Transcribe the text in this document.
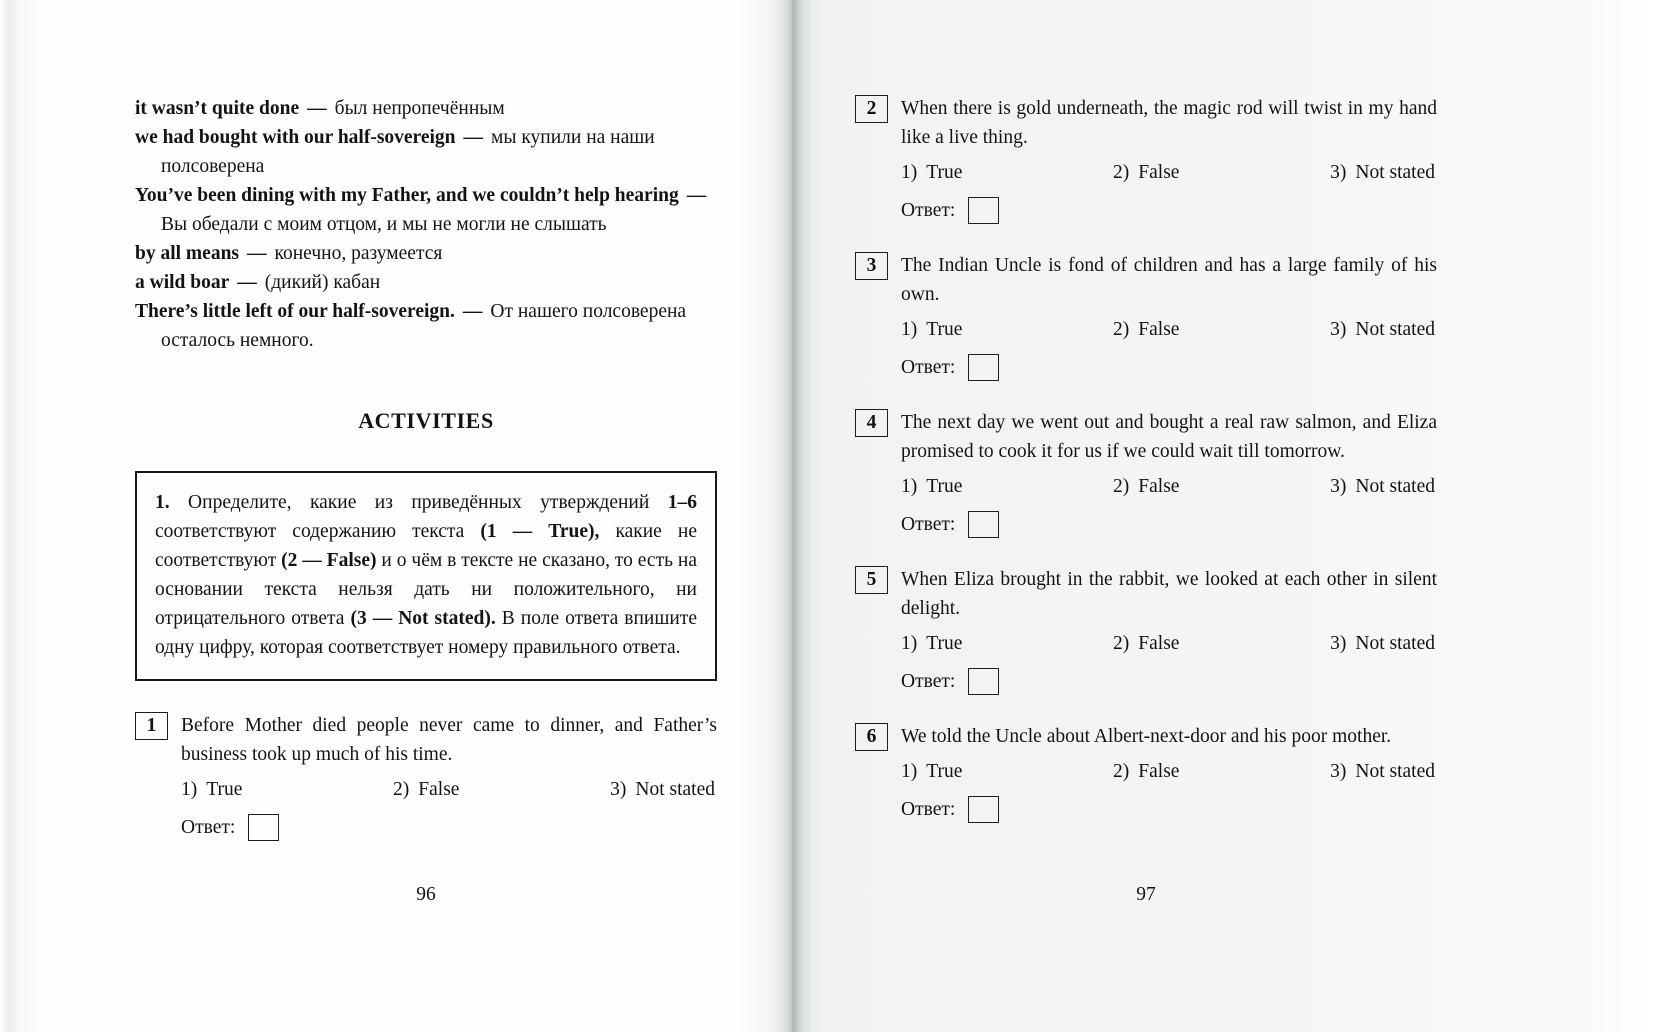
it wasn’t quite done — был непропечённым

we had bought with our half-sovereign — мы купили на наши полсоверена

You’ve been dining with my Father, and we couldn’t help hearing —Вы обедали с моим отцом, и мы не могли не слышать

by all means — конечно, разумеется

a wild boar — (дикий) кабан

There’s little left of our half-sovereign. — От нашего полсоверена осталось немного.

ACTIVITIES

1. Определите, какие из приведённых утверждений 1–6 соответствуют содержанию текста (1 — True), какие не соответствуют (2 — False) и о чём в тексте не сказано, то есть на основании текста нельзя дать ни положительного, ни отрицательного ответа (3 — Not stated). В поле ответа впишите одну цифру, которая соответствует номеру правильного ответа.

1	Before Mother died people never came to dinner, and Father’s business took up much of his time.

1) True	2) False	3) Not stated
Ответ:
96
2	When there is gold underneath, the magic rod will twist in my hand like a live thing.

1) True	2) False	3) Not stated
Ответ:
3	The Indian Uncle is fond of children and has a large family of his own.

1) True	2) False	3) Not stated
Ответ:
4	The next day we went out and bought a real raw salmon, and Eliza promised to cook it for us if we could wait till tomorrow.

1) True	2) False	3) Not stated
Ответ:
5	When Eliza brought in the rabbit, we looked at each other in silent delight.

1) True	2) False	3) Not stated
Ответ:
6	We told the Uncle about Albert-next-door and his poor mother.

1) True	2) False	3) Not stated
Ответ:
97
